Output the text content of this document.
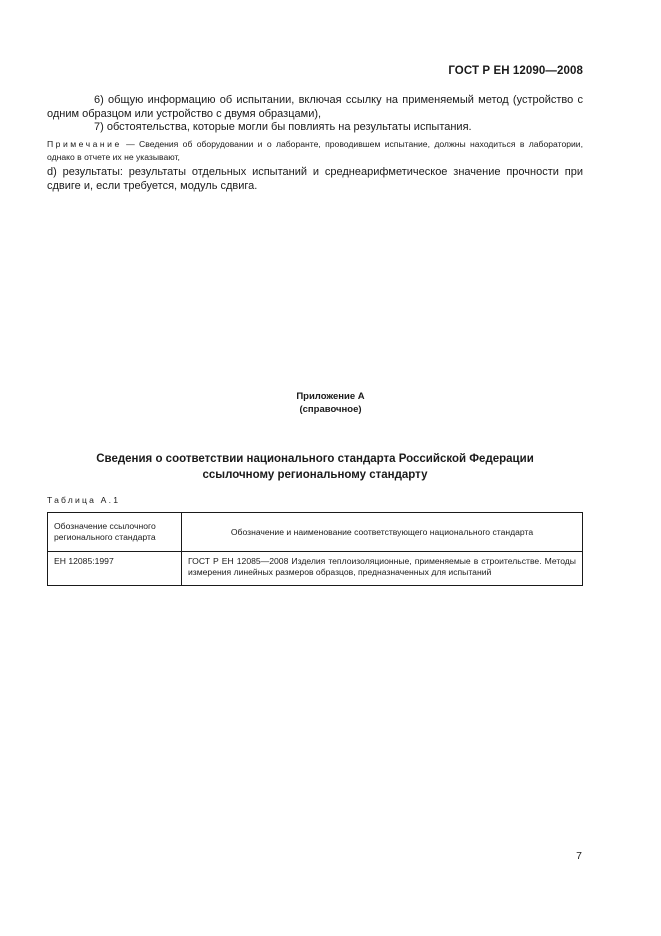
ГОСТ Р ЕН 12090—2008
6) общую информацию об испытании, включая ссылку на применяемый метод (устройство с одним образцом или устройство с двумя образцами),
7) обстоятельства, которые могли бы повлиять на результаты испытания.
Примечание — Сведения об оборудовании и о лаборанте, проводившем испытание, должны находиться в лаборатории, однако в отчете их не указывают,
d) результаты: результаты отдельных испытаний и среднеарифметическое значение прочности при сдвиге и, если требуется, модуль сдвига.
Приложение А
(справочное)
Сведения о соответствии национального стандарта Российской Федерации
ссылочному региональному стандарту
Таблица А.1
Обозначение ссылочного регионального стандарта	Обозначение и наименование соответствующего национального стандарта
ЕН 12085:1997	ГОСТ Р ЕН 12085—2008 Изделия теплоизоляционные, применяемые в строительстве. Методы измерения линейных размеров образцов, предназначенных для испытаний
7
